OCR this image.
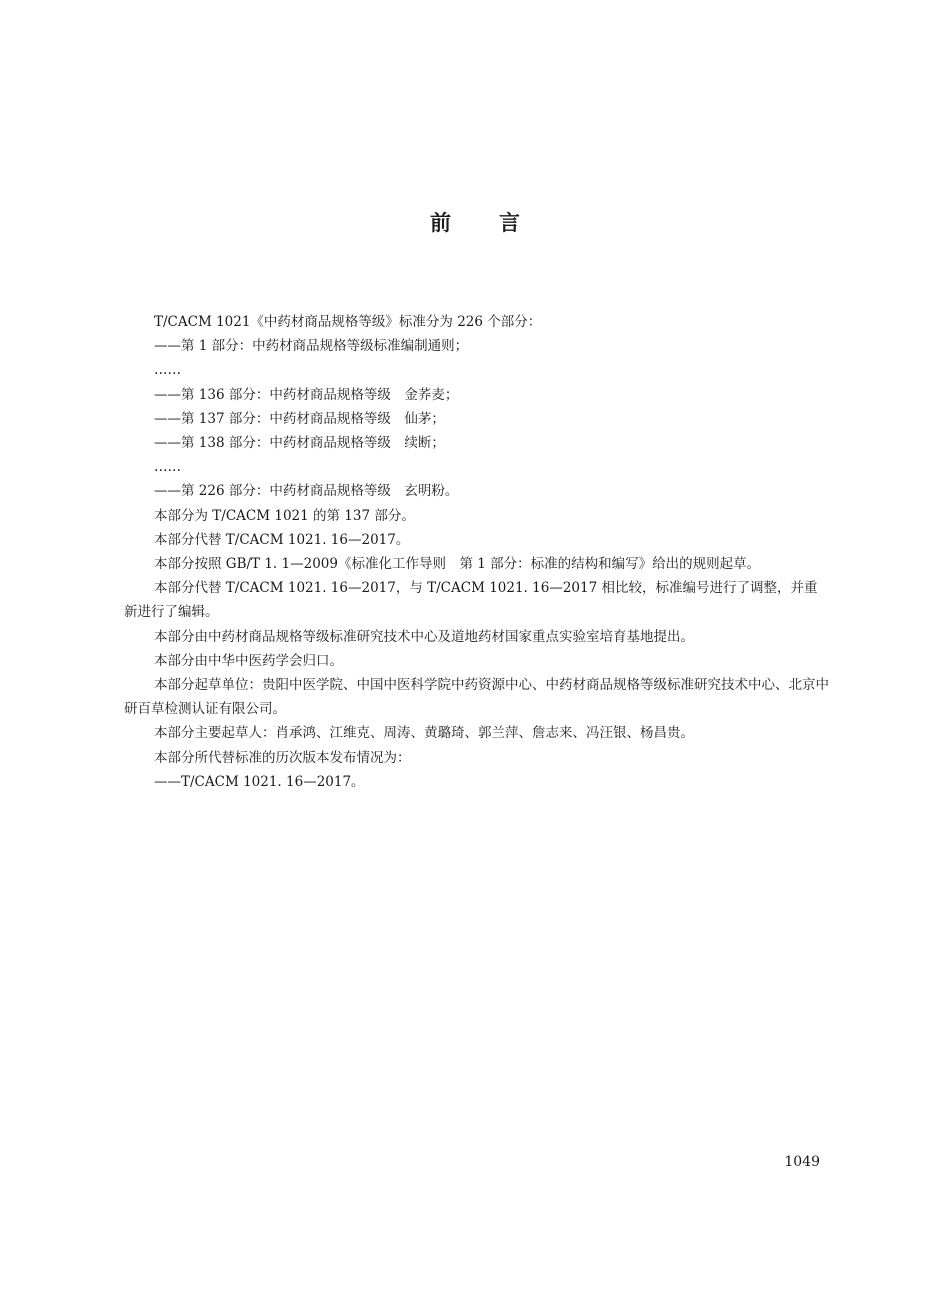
前言

T/CACM 1021《中药材商品规格等级》标准分为 226 个部分：

——第 1 部分：中药材商品规格等级标准编制通则；

……

——第 136 部分：中药材商品规格等级　金荞麦；

——第 137 部分：中药材商品规格等级　仙茅；

——第 138 部分：中药材商品规格等级　续断；

……

——第 226 部分：中药材商品规格等级　玄明粉。

本部分为 T/CACM 1021 的第 137 部分。

本部分代替 T/CACM 1021. 16—2017。

本部分按照 GB/T 1. 1—2009《标准化工作导则　第 1 部分：标准的结构和编写》给出的规则起草。

本部分代替 T/CACM 1021. 16—2017，与 T/CACM 1021. 16—2017 相比较，标准编号进行了调整，并重新进行了编辑。

本部分由中药材商品规格等级标准研究技术中心及道地药材国家重点实验室培育基地提出。

本部分由中华中医药学会归口。

本部分起草单位：贵阳中医学院、中国中医科学院中药资源中心、中药材商品规格等级标准研究技术中心、北京中研百草检测认证有限公司。

本部分主要起草人：肖承鸿、江维克、周涛、黄璐琦、郭兰萍、詹志来、冯汪银、杨昌贵。

本部分所代替标准的历次版本发布情况为：

——T/CACM 1021. 16—2017。

1049
